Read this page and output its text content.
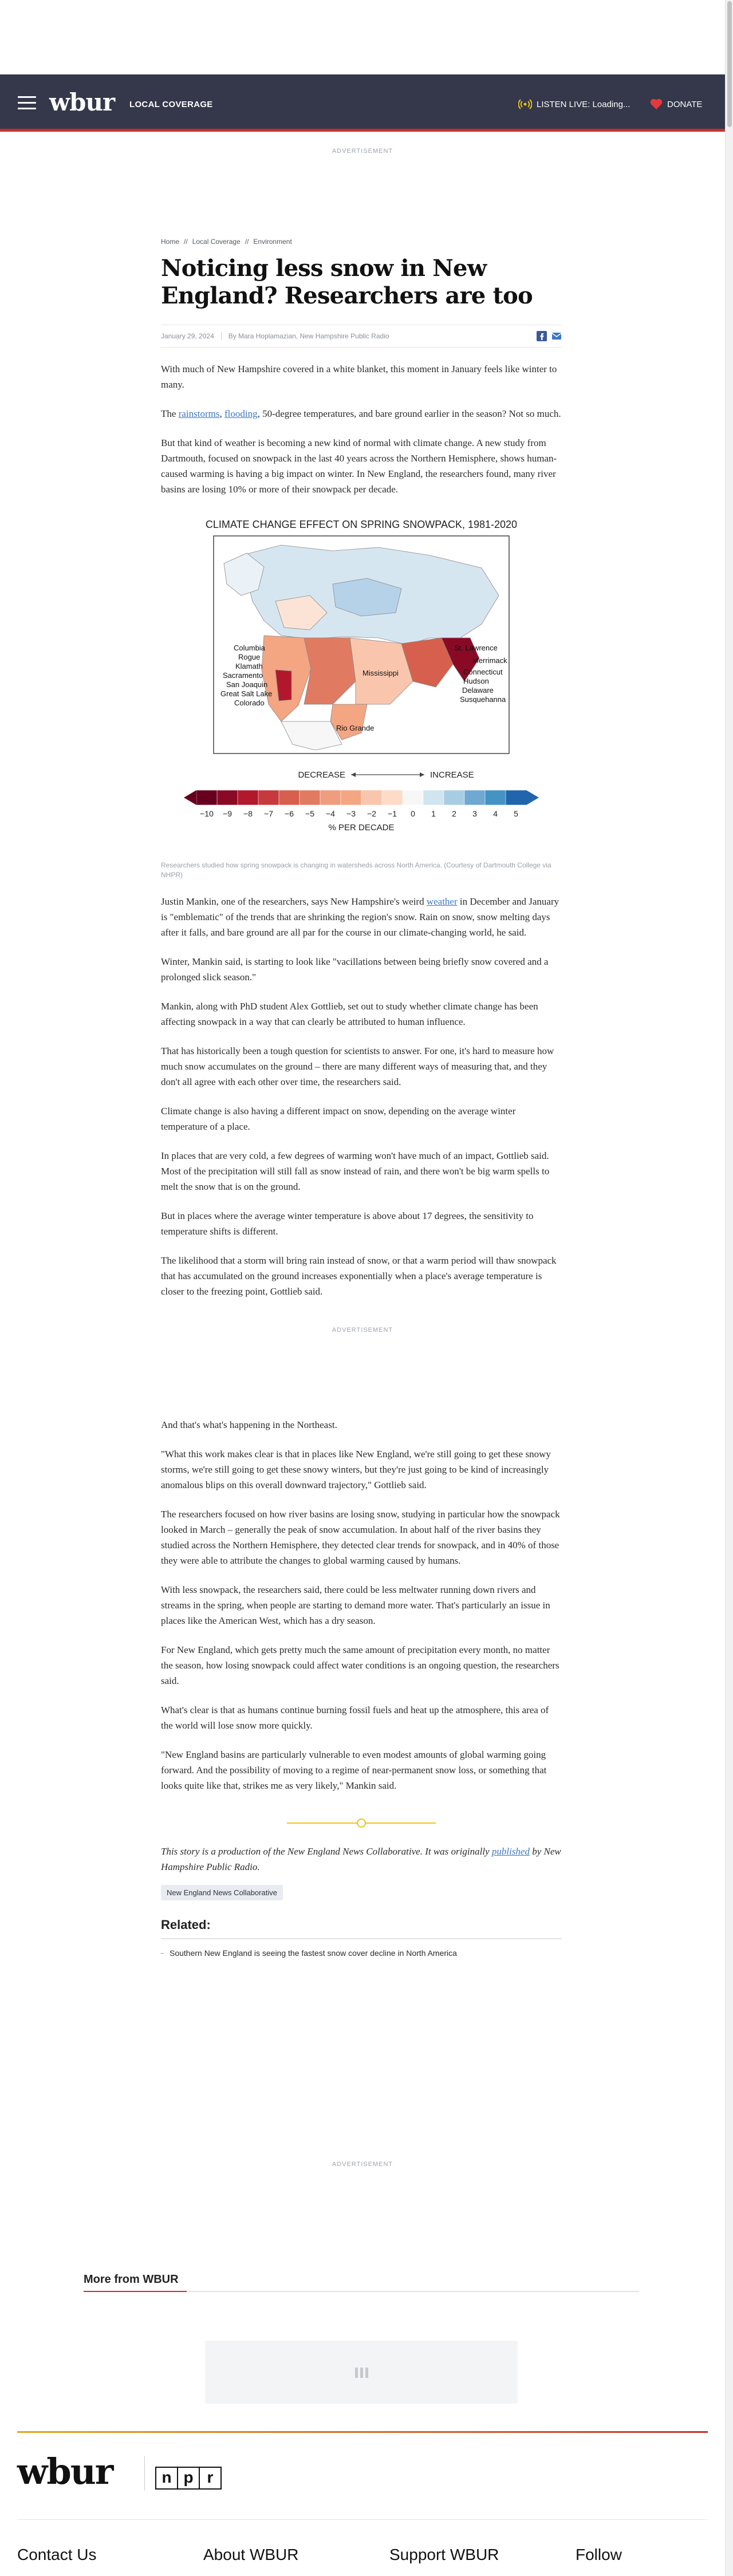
wbur LOCAL COVERAGE	LISTEN LIVE: Loading...	DONATE
ADVERTISEMENT
Home // Local Coverage // Environment
Noticing less snow in New England? Researchers are too
January 29, 2024 By Mara Hoplamazian, New Hampshire Public Radio

With much of New Hampshire covered in a white blanket, this moment in January feels like winter to many.

The rainstorms, flooding, 50-degree temperatures, and bare ground earlier in the season? Not so much.

But that kind of weather is becoming a new kind of normal with climate change. A new study from Dartmouth, focused on snowpack in the last 40 years across the Northern Hemisphere, shows human-caused warming is having a big impact on winter. In New England, the researchers found, many river basins are losing 10% or more of their snowpack per decade.

CLIMATE CHANGE EFFECT ON SPRING SNOWPACK, 1981-2020
Columbia
Rogue
Klamath
Sacramento
San Joaquin
Great Salt Lake
Colorado
Mississippi
Rio Grande
St. Lawrence
Merrimack
Connecticut
Hudson
Delaware
Susquehanna
DECREASE	INCREASE
−10 −9 −8 −7 −6 −5 −4 −3 −2 −1 0 1 2 3 4 5
% PER DECADE
Researchers studied how spring snowpack is changing in watersheds across North America. (Courtesy of Dartmouth College via NHPR)

Justin Mankin, one of the researchers, says New Hampshire's weird weather in December and January is "emblematic" of the trends that are shrinking the region's snow. Rain on snow, snow melting days after it falls, and bare ground are all par for the course in our climate-changing world, he said.

Winter, Mankin said, is starting to look like "vacillations between being briefly snow covered and a prolonged slick season."

Mankin, along with PhD student Alex Gottlieb, set out to study whether climate change has been affecting snowpack in a way that can clearly be attributed to human influence.

That has historically been a tough question for scientists to answer. For one, it's hard to measure how much snow accumulates on the ground – there are many different ways of measuring that, and they don't all agree with each other over time, the researchers said.

Climate change is also having a different impact on snow, depending on the average winter temperature of a place.

In places that are very cold, a few degrees of warming won't have much of an impact, Gottlieb said. Most of the precipitation will still fall as snow instead of rain, and there won't be big warm spells to melt the snow that is on the ground.

But in places where the average winter temperature is above about 17 degrees, the sensitivity to temperature shifts is different.

The likelihood that a storm will bring rain instead of snow, or that a warm period will thaw snowpack that has accumulated on the ground increases exponentially when a place's average temperature is closer to the freezing point, Gottlieb said.

ADVERTISEMENT

And that's what's happening in the Northeast.

"What this work makes clear is that in places like New England, we're still going to get these snowy storms, we're still going to get these snowy winters, but they're just going to be kind of increasingly anomalous blips on this overall downward trajectory," Gottlieb said.

The researchers focused on how river basins are losing snow, studying in particular how the snowpack looked in March – generally the peak of snow accumulation. In about half of the river basins they studied across the Northern Hemisphere, they detected clear trends for snowpack, and in 40% of those they were able to attribute the changes to global warming caused by humans.

With less snowpack, the researchers said, there could be less meltwater running down rivers and streams in the spring, when people are starting to demand more water. That's particularly an issue in places like the American West, which has a dry season.

For New England, which gets pretty much the same amount of precipitation every month, no matter the season, how losing snowpack could affect water conditions is an ongoing question, the researchers said.

What's clear is that as humans continue burning fossil fuels and heat up the atmosphere, this area of the world will lose snow more quickly.

"New England basins are particularly vulnerable to even modest amounts of global warming going forward. And the possibility of moving to a regime of near-permanent snow loss, or something that looks quite like that, strikes me as very likely," Mankin said.

This story is a production of the New England News Collaborative. It was originally published by New Hampshire Public Radio.

New England News Collaborative
Related:
Southern New England is seeing the fastest snow cover decline in North America
ADVERTISEMENT
More from WBUR
wbur	n p r
Contact Us	About WBUR	Support WBUR	Follow
